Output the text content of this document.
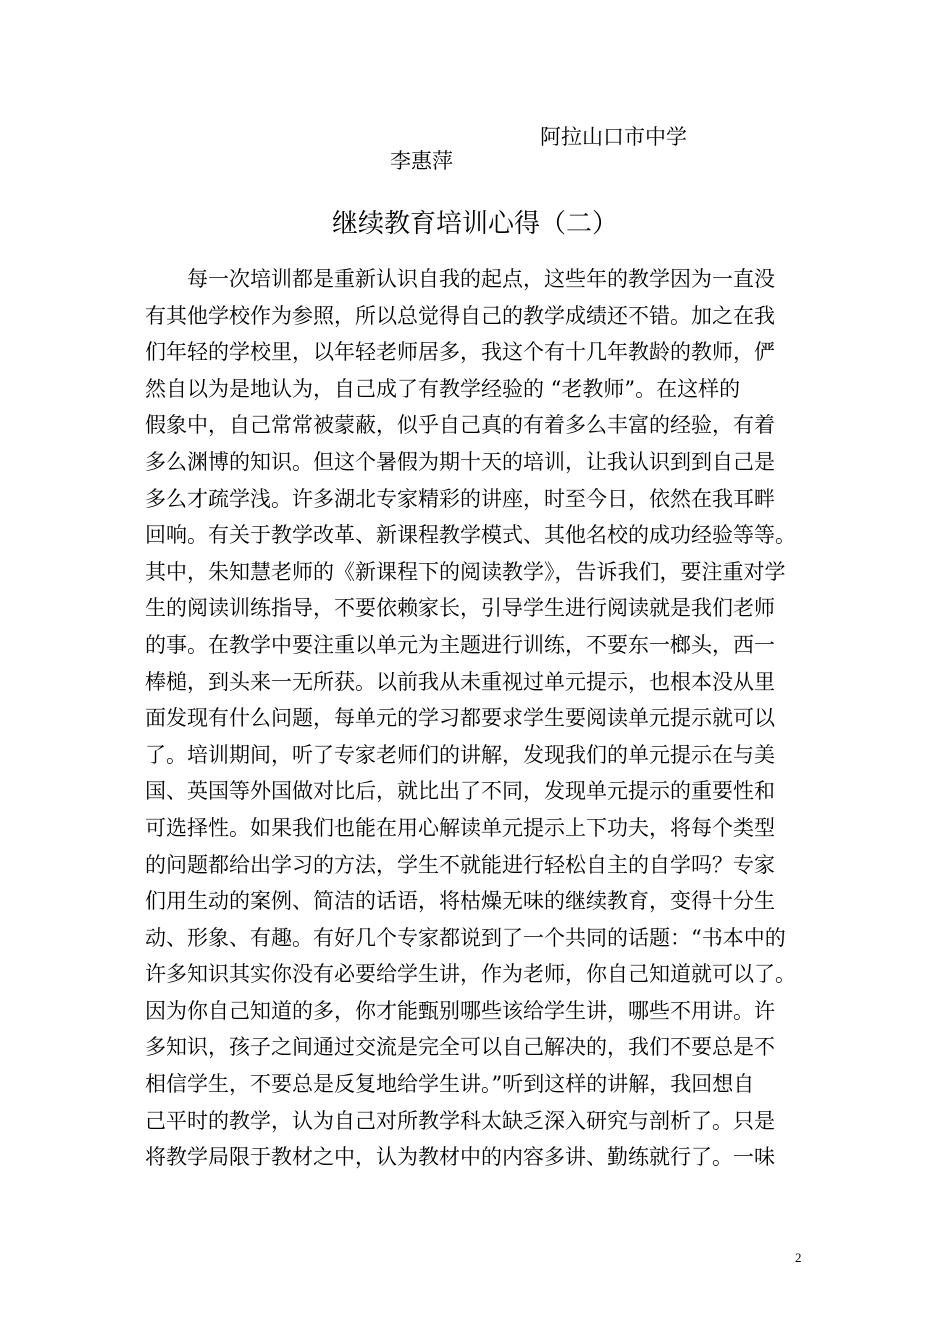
阿拉山口市中学
李惠萍
继续教育培训心得（二）
每一次培训都是重新认识自我的起点，这些年的教学因为一直没
有其他学校作为参照，所以总觉得自己的教学成绩还不错。加之在我
们年轻的学校里，以年轻老师居多，我这个有十几年教龄的教师，俨
然自以为是地认为，自己成了有教学经验的 “老教师”。在这样的
假象中，自己常常被蒙蔽，似乎自己真的有着多么丰富的经验，有着
多么渊博的知识。但这个暑假为期十天的培训，让我认识到到自己是
多么才疏学浅。许多湖北专家精彩的讲座，时至今日，依然在我耳畔
回响。有关于教学改革、新课程教学模式、其他名校的成功经验等等。
其中，朱知慧老师的《新课程下的阅读教学》，告诉我们，要注重对学
生的阅读训练指导，不要依赖家长，引导学生进行阅读就是我们老师
的事。在教学中要注重以单元为主题进行训练，不要东一榔头，西一
棒槌，到头来一无所获。以前我从未重视过单元提示，也根本没从里
面发现有什么问题，每单元的学习都要求学生要阅读单元提示就可以
了。培训期间，听了专家老师们的讲解，发现我们的单元提示在与美
国、英国等外国做对比后，就比出了不同，发现单元提示的重要性和
可选择性。如果我们也能在用心解读单元提示上下功夫，将每个类型
的问题都给出学习的方法，学生不就能进行轻松自主的自学吗？专家
们用生动的案例、简洁的话语，将枯燥无味的继续教育，变得十分生
动、形象、有趣。有好几个专家都说到了一个共同的话题：“书本中的
许多知识其实你没有必要给学生讲，作为老师，你自己知道就可以了。
因为你自己知道的多，你才能甄别哪些该给学生讲，哪些不用讲。许
多知识，孩子之间通过交流是完全可以自己解决的，我们不要总是不
相信学生，不要总是反复地给学生讲。”听到这样的讲解，我回想自
己平时的教学，认为自己对所教学科太缺乏深入研究与剖析了。只是
将教学局限于教材之中，认为教材中的内容多讲、勤练就行了。一味
2
